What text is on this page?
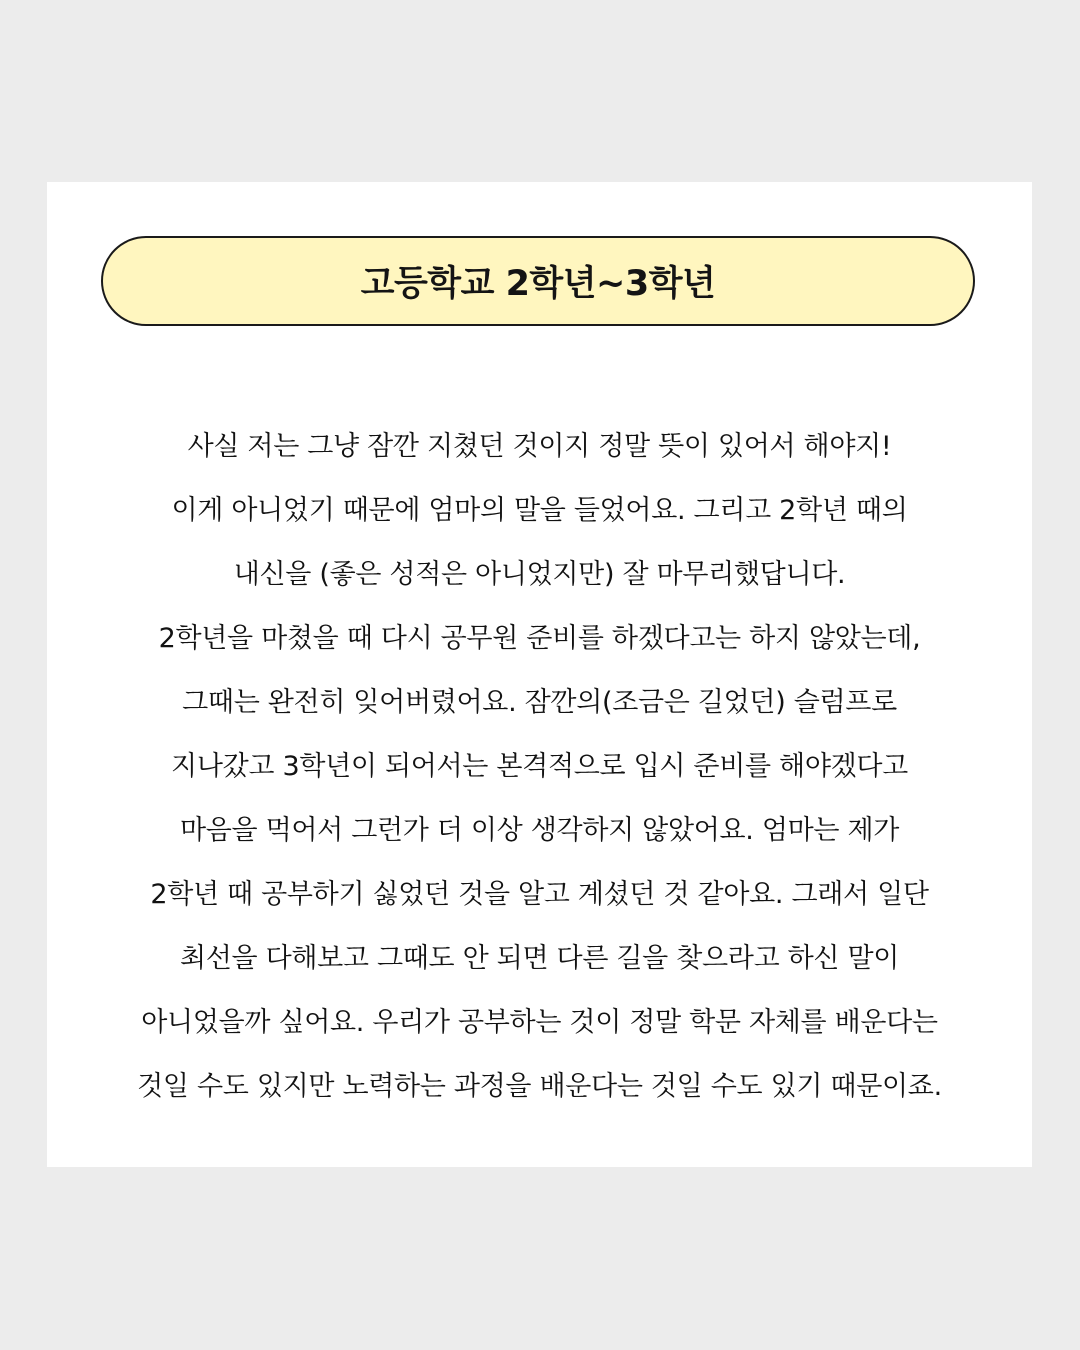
고등학교 2학년~3학년
사실 저는 그냥 잠깐 지쳤던 것이지 정말 뜻이 있어서 해야지!
이게 아니었기 때문에 엄마의 말을 들었어요. 그리고 2학년 때의
내신을 (좋은 성적은 아니었지만) 잘 마무리했답니다.
2학년을 마쳤을 때 다시 공무원 준비를 하겠다고는 하지 않았는데,
그때는 완전히 잊어버렸어요. 잠깐의(조금은 길었던) 슬럼프로
지나갔고 3학년이 되어서는 본격적으로 입시 준비를 해야겠다고
마음을 먹어서 그런가 더 이상 생각하지 않았어요. 엄마는 제가
2학년 때 공부하기 싫었던 것을 알고 계셨던 것 같아요. 그래서 일단
최선을 다해보고 그때도 안 되면 다른 길을 찾으라고 하신 말이
아니었을까 싶어요. 우리가 공부하는 것이 정말 학문 자체를 배운다는
것일 수도 있지만 노력하는 과정을 배운다는 것일 수도 있기 때문이죠.
